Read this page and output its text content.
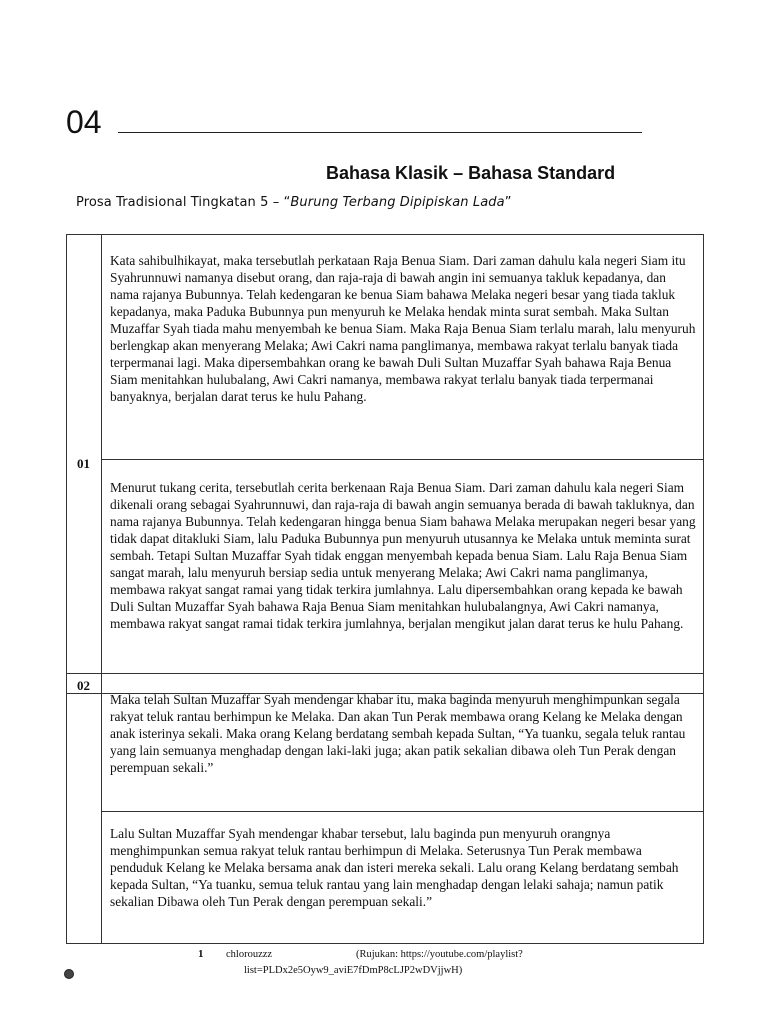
04
Bahasa Klasik – Bahasa Standard
Prosa Tradisional Tingkatan 5 – “Burung Terbang Dipipiskan Lada”
01

Kata sahibulhikayat, maka tersebutlah perkataan Raja Benua Siam. Dari zaman dahulu kala negeri Siam itu Syahrunnuwi namanya disebut orang, dan raja-raja di bawah angin ini semuanya takluk kepadanya, dan nama rajanya Bubunnya. Telah kedengaran ke benua Siam bahawa Melaka negeri besar yang tiada takluk kepadanya, maka Paduka Bubunnya pun menyuruh ke Melaka hendak minta surat sembah. Maka Sultan Muzaffar Syah tiada mahu menyembah ke benua Siam. Maka Raja Benua Siam terlalu marah, lalu menyuruh berlengkap akan menyerang Melaka; Awi Cakri nama panglimanya, membawa rakyat terlalu banyak tiada terpermanai lagi. Maka dipersembahkan orang ke bawah Duli Sultan Muzaffar Syah bahawa Raja Benua Siam menitahkan hulubalang, Awi Cakri namanya, membawa rakyat terlalu banyak tiada terpermanai banyaknya, berjalan darat terus ke hulu Pahang.

Menurut tukang cerita, tersebutlah cerita berkenaan Raja Benua Siam. Dari zaman dahulu kala negeri Siam dikenali orang sebagai Syahrunnuwi, dan raja-raja di bawah angin semuanya berada di bawah takluknya, dan nama rajanya Bubunnya. Telah kedengaran hingga benua Siam bahawa Melaka merupakan negeri besar yang tidak dapat ditakluki Siam, lalu Paduka Bubunnya pun menyuruh utusannya ke Melaka untuk meminta surat sembah. Tetapi Sultan Muzaffar Syah tidak enggan menyembah kepada benua Siam. Lalu Raja Benua Siam sangat marah, lalu menyuruh bersiap sedia untuk menyerang Melaka; Awi Cakri nama panglimanya, membawa rakyat sangat ramai yang tidak terkira jumlahnya. Lalu dipersembahkan orang kepada ke bawah Duli Sultan Muzaffar Syah bahawa Raja Benua Siam menitahkan hulubalangnya, Awi Cakri namanya, membawa rakyat sangat ramai tidak terkira jumlahnya, berjalan mengikut jalan darat terus ke hulu Pahang.
02

Maka telah Sultan Muzaffar Syah mendengar khabar itu, maka baginda menyuruh menghimpunkan segala rakyat teluk rantau berhimpun ke Melaka. Dan akan Tun Perak membawa orang Kelang ke Melaka dengan anak isterinya sekali. Maka orang Kelang berdatang sembah kepada Sultan, “Ya tuanku, segala teluk rantau yang lain semuanya menghadap dengan laki-laki juga; akan patik sekalian dibawa oleh Tun Perak dengan perempuan sekali.”

Lalu Sultan Muzaffar Syah mendengar khabar tersebut, lalu baginda pun menyuruh orangnya menghimpunkan semua rakyat teluk rantau berhimpun di Melaka. Seterusnya Tun Perak membawa penduduk Kelang ke Melaka bersama anak dan isteri mereka sekali. Lalu orang Kelang berdatang sembah kepada Sultan, “Ya tuanku, semua teluk rantau yang lain menghadap dengan lelaki sahaja; namun patik sekalian Dibawa oleh Tun Perak dengan perempuan sekali.”
1 chlorouzzz	(Rujukan: https://youtube.com/playlist?
list=PLDx2e5Oyw9_aviE7fDmP8cLJP2wDVjjwH)
